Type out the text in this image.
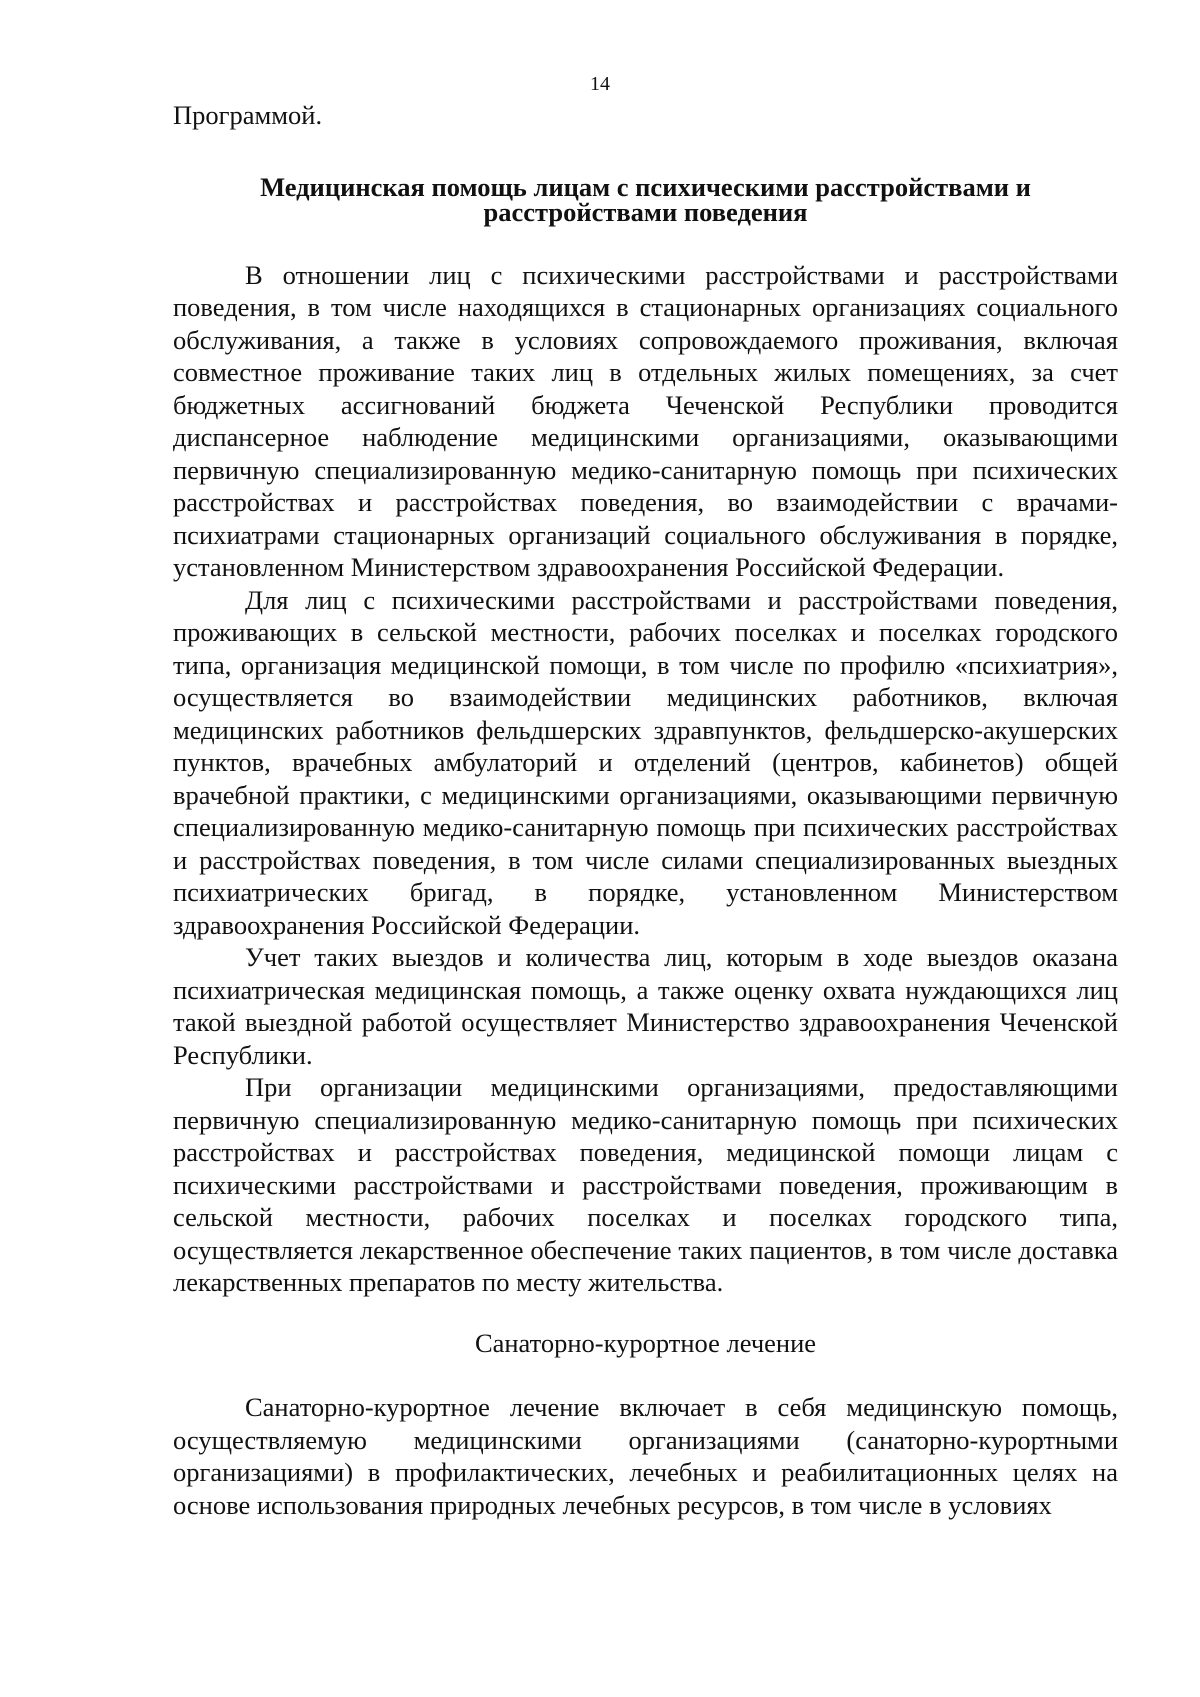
14

Программой.

Медицинская помощь лицам с психическими расстройствами и расстройствами поведения

В отношении лиц с психическими расстройствами и расстройствами поведения, в том числе находящихся в стационарных организациях социального обслуживания, а также в условиях сопровождаемого проживания, включая совместное проживание таких лиц в отдельных жилых помещениях, за счет бюджетных ассигнований бюджета Чеченской Республики проводится диспансерное наблюдение медицинскими организациями, оказывающими первичную специализированную медико-санитарную помощь при психических расстройствах и расстройствах поведения, во взаимодействии с врачами-психиатрами стационарных организаций социального обслуживания в порядке, установленном Министерством здравоохранения Российской Федерации.

Для лиц с психическими расстройствами и расстройствами поведения, проживающих в сельской местности, рабочих поселках и поселках городского типа, организация медицинской помощи, в том числе по профилю «психиатрия», осуществляется во взаимодействии медицинских работников, включая медицинских работников фельдшерских здравпунктов, фельдшерско-акушерских пунктов, врачебных амбулаторий и отделений (центров, кабинетов) общей врачебной практики, с медицинскими организациями, оказывающими первичную специализированную медико-санитарную помощь при психических расстройствах и расстройствах поведения, в том числе силами специализированных выездных психиатрических бригад, в порядке, установленном Министерством здравоохранения Российской Федерации.

Учет таких выездов и количества лиц, которым в ходе выездов оказана психиатрическая медицинская помощь, а также оценку охвата нуждающихся лиц такой выездной работой осуществляет Министерство здравоохранения Чеченской Республики.

При организации медицинскими организациями, предоставляющими первичную специализированную медико-санитарную помощь при психических расстройствах и расстройствах поведения, медицинской помощи лицам с психическими расстройствами и расстройствами поведения, проживающим в сельской местности, рабочих поселках и поселках городского типа, осуществляется лекарственное обеспечение таких пациентов, в том числе доставка лекарственных препаратов по месту жительства.

Санаторно-курортное лечение

Санаторно-курортное лечение включает в себя медицинскую помощь, осуществляемую медицинскими организациями (санаторно-курортными организациями) в профилактических, лечебных и реабилитационных целях на основе использования природных лечебных ресурсов, в том числе в условиях
